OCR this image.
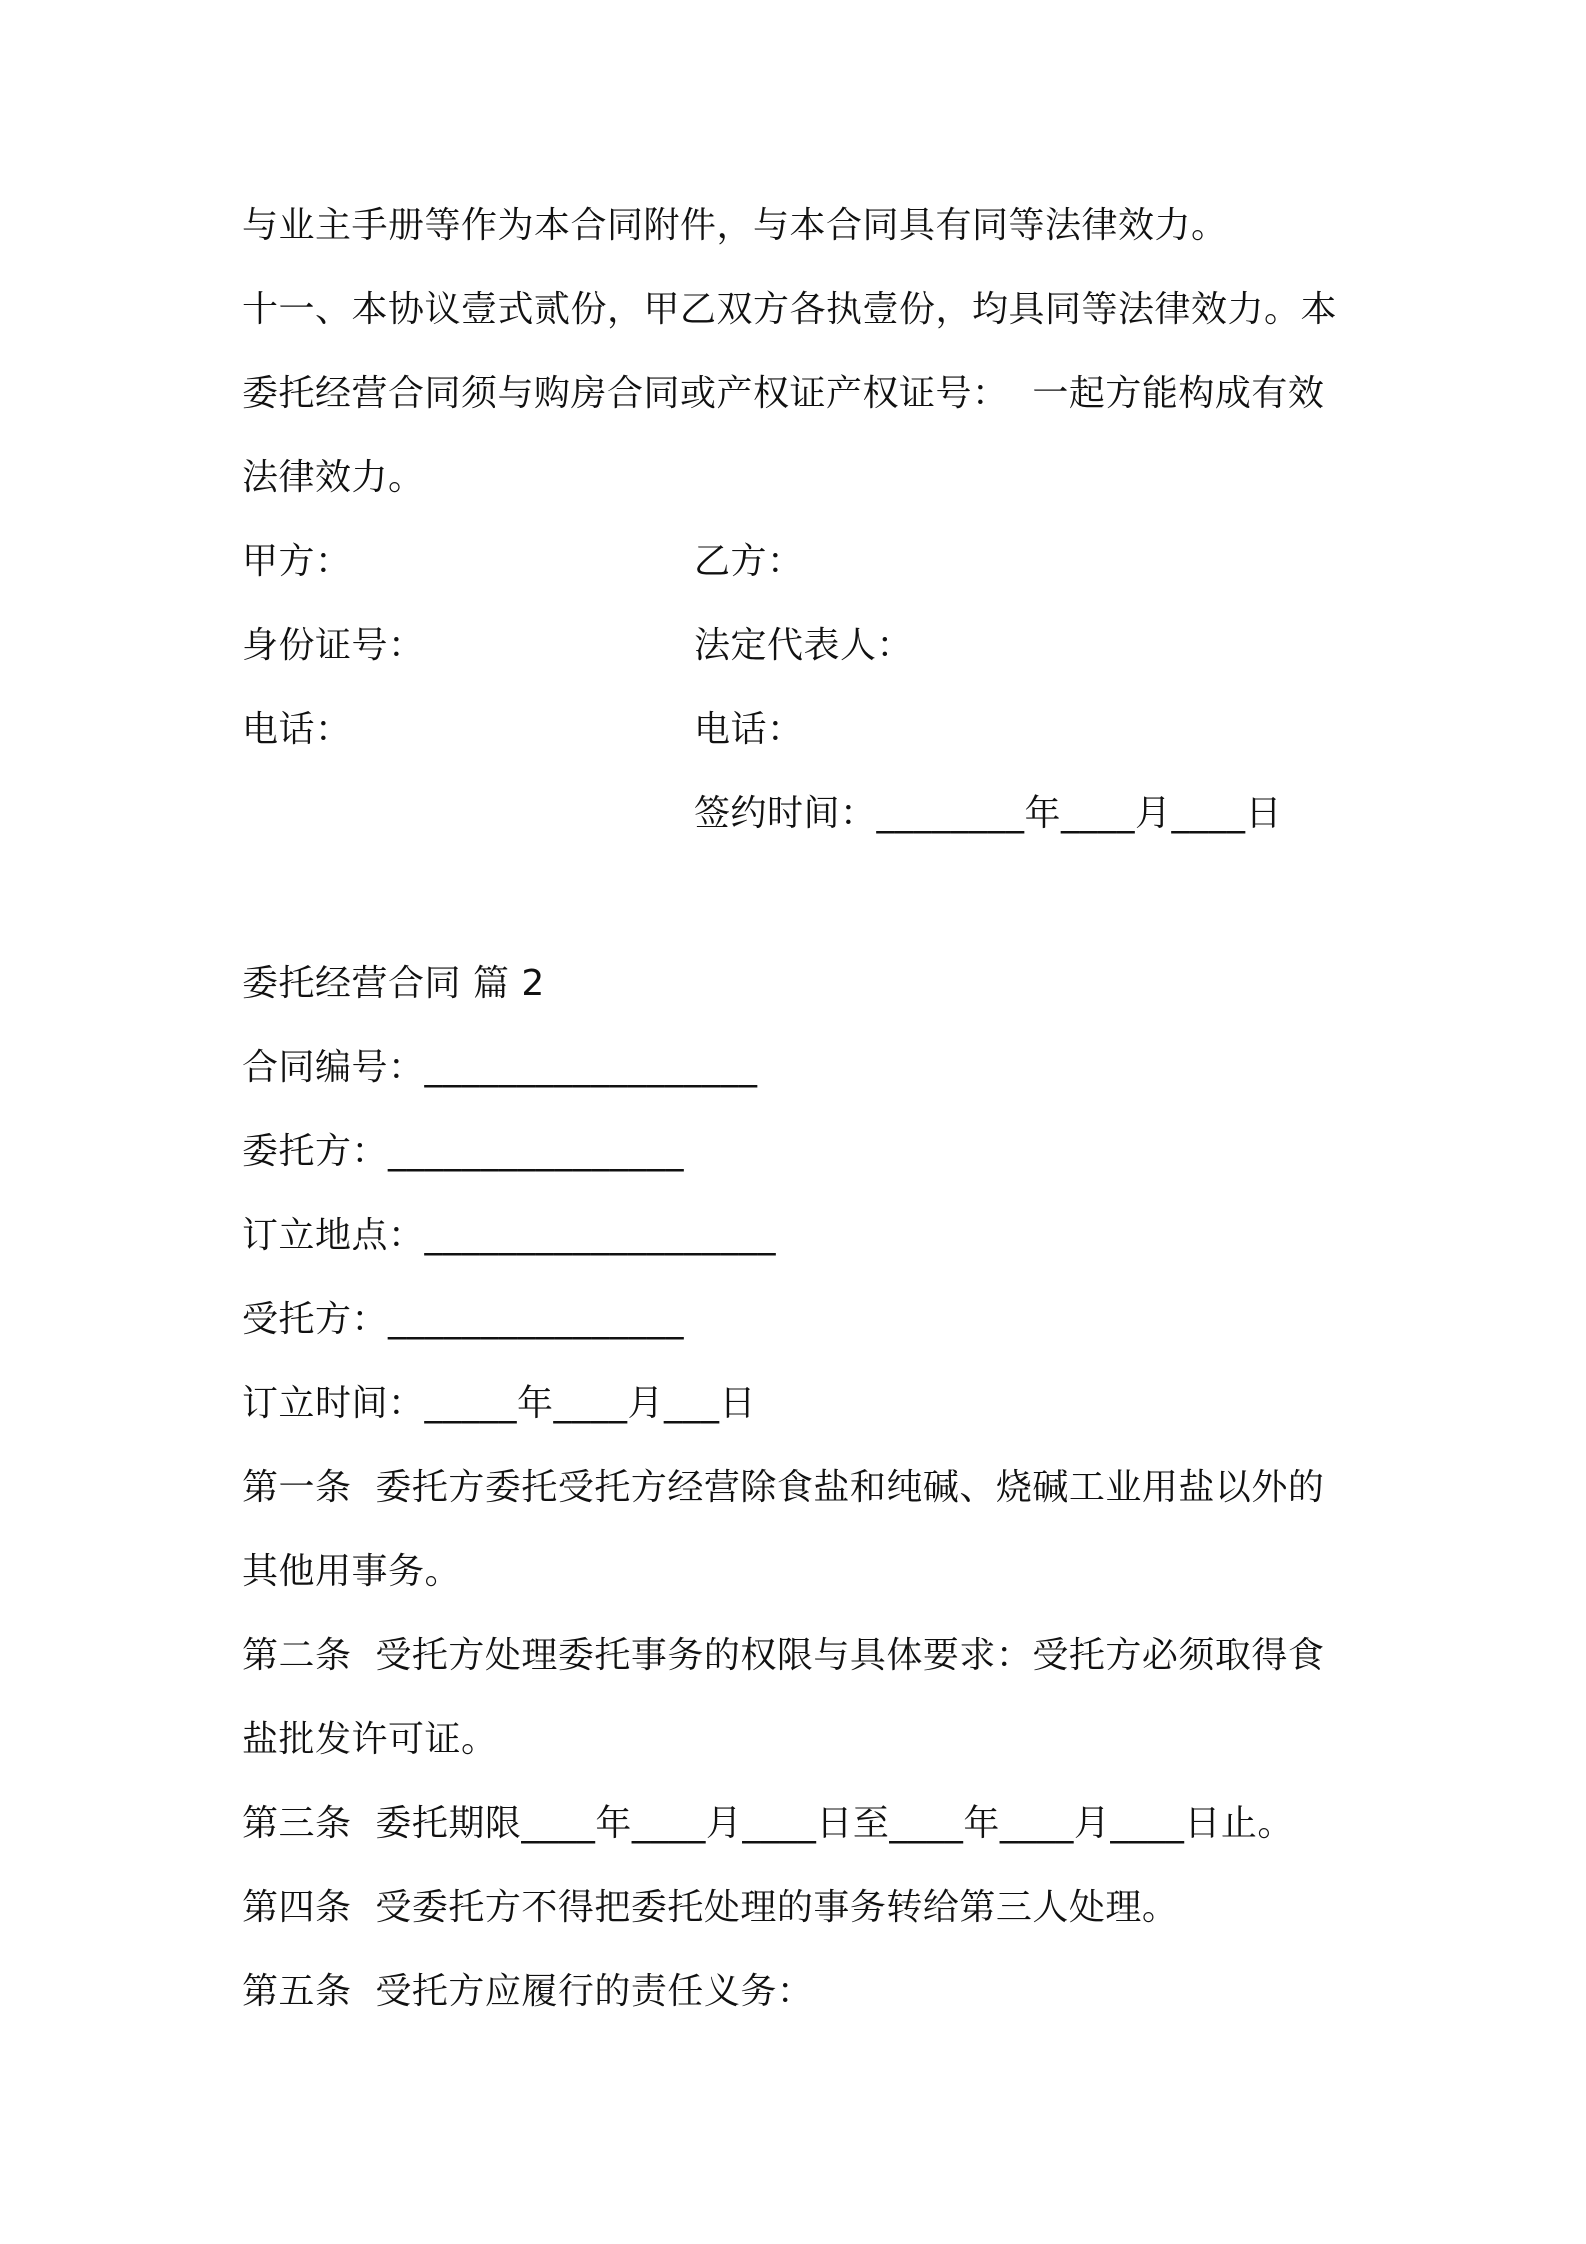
与业主手册等作为本合同附件，与本合同具有同等法律效力。
十一、本协议壹式贰份，甲乙双方各执壹份，均具同等法律效力。本
委托经营合同须与购房合同或产权证产权证号：  一起方能构成有效
法律效力。
甲方：	乙方：
身份证号：	法定代表人：
电话：	电话：
签约时间：________年____月____日
委托经营合同 篇 2
合同编号：__________________
委托方：________________
订立地点：___________________
受托方：________________
订立时间：_____年____月___日
第一条  委托方委托受托方经营除食盐和纯碱、烧碱工业用盐以外的
其他用事务。
第二条  受托方处理委托事务的权限与具体要求：受托方必须取得食
盐批发许可证。
第三条  委托期限____年____月____日至____年____月____日止。
第四条  受委托方不得把委托处理的事务转给第三人处理。
第五条  受托方应履行的责任义务：
